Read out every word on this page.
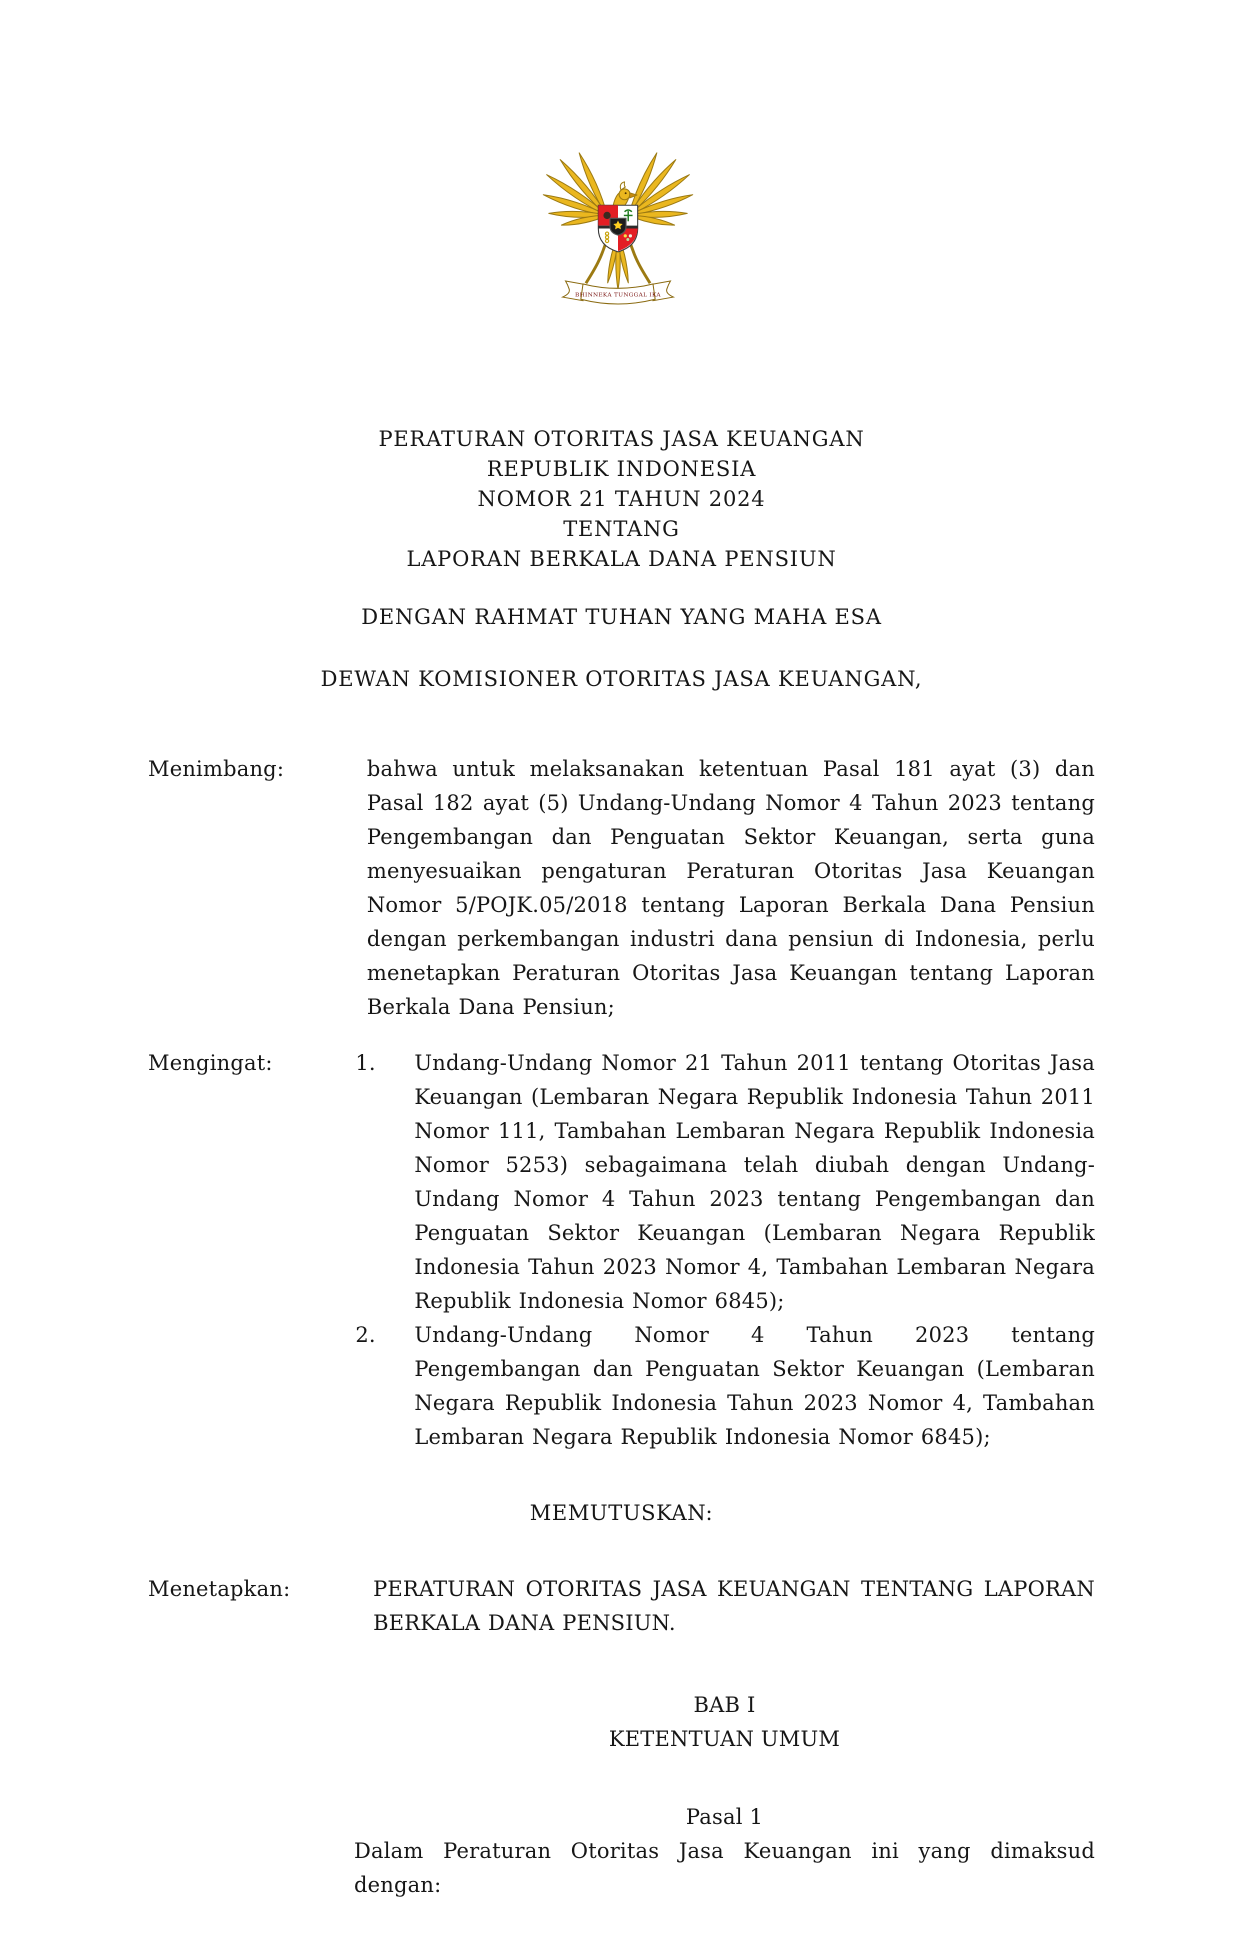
BHINNEKA TUNGGAL IKA
PERATURAN OTORITAS JASA KEUANGAN
REPUBLIK INDONESIA
NOMOR 21 TAHUN 2024
TENTANG
LAPORAN BERKALA DANA PENSIUN
DENGAN RAHMAT TUHAN YANG MAHA ESA
DEWAN KOMISIONER OTORITAS JASA KEUANGAN,
Menimbang :	bahwa untuk melaksanakan ketentuan Pasal 181 ayat (3) dan Pasal 182 ayat (5) Undang-Undang Nomor 4 Tahun 2023 tentang Pengembangan dan Penguatan Sektor Keuangan, serta guna menyesuaikan pengaturan Peraturan Otoritas Jasa Keuangan Nomor 5/POJK.05/2018 tentang Laporan Berkala Dana Pensiun dengan perkembangan industri dana pensiun di Indonesia, perlu menetapkan Peraturan Otoritas Jasa Keuangan tentang Laporan Berkala Dana Pensiun;
Mengingat :	1.	Undang-Undang Nomor 21 Tahun 2011 tentang Otoritas Jasa Keuangan (Lembaran Negara Republik Indonesia Tahun 2011 Nomor 111, Tambahan Lembaran Negara Republik Indonesia Nomor 5253) sebagaimana telah diubah dengan Undang-Undang Nomor 4 Tahun 2023 tentang Pengembangan dan Penguatan Sektor Keuangan (Lembaran Negara Republik Indonesia Tahun 2023 Nomor 4, Tambahan Lembaran Negara Republik Indonesia Nomor 6845);
2.	Undang-Undang Nomor 4 Tahun 2023 tentang Pengembangan dan Penguatan Sektor Keuangan (Lembaran Negara Republik Indonesia Tahun 2023 Nomor 4, Tambahan Lembaran Negara Republik Indonesia Nomor 6845);
MEMUTUSKAN:
Menetapkan :	PERATURAN OTORITAS JASA KEUANGAN TENTANG LAPORAN BERKALA DANA PENSIUN.
BAB I
KETENTUAN UMUM
Pasal 1
Dalam Peraturan Otoritas Jasa Keuangan ini yang dimaksud dengan:
